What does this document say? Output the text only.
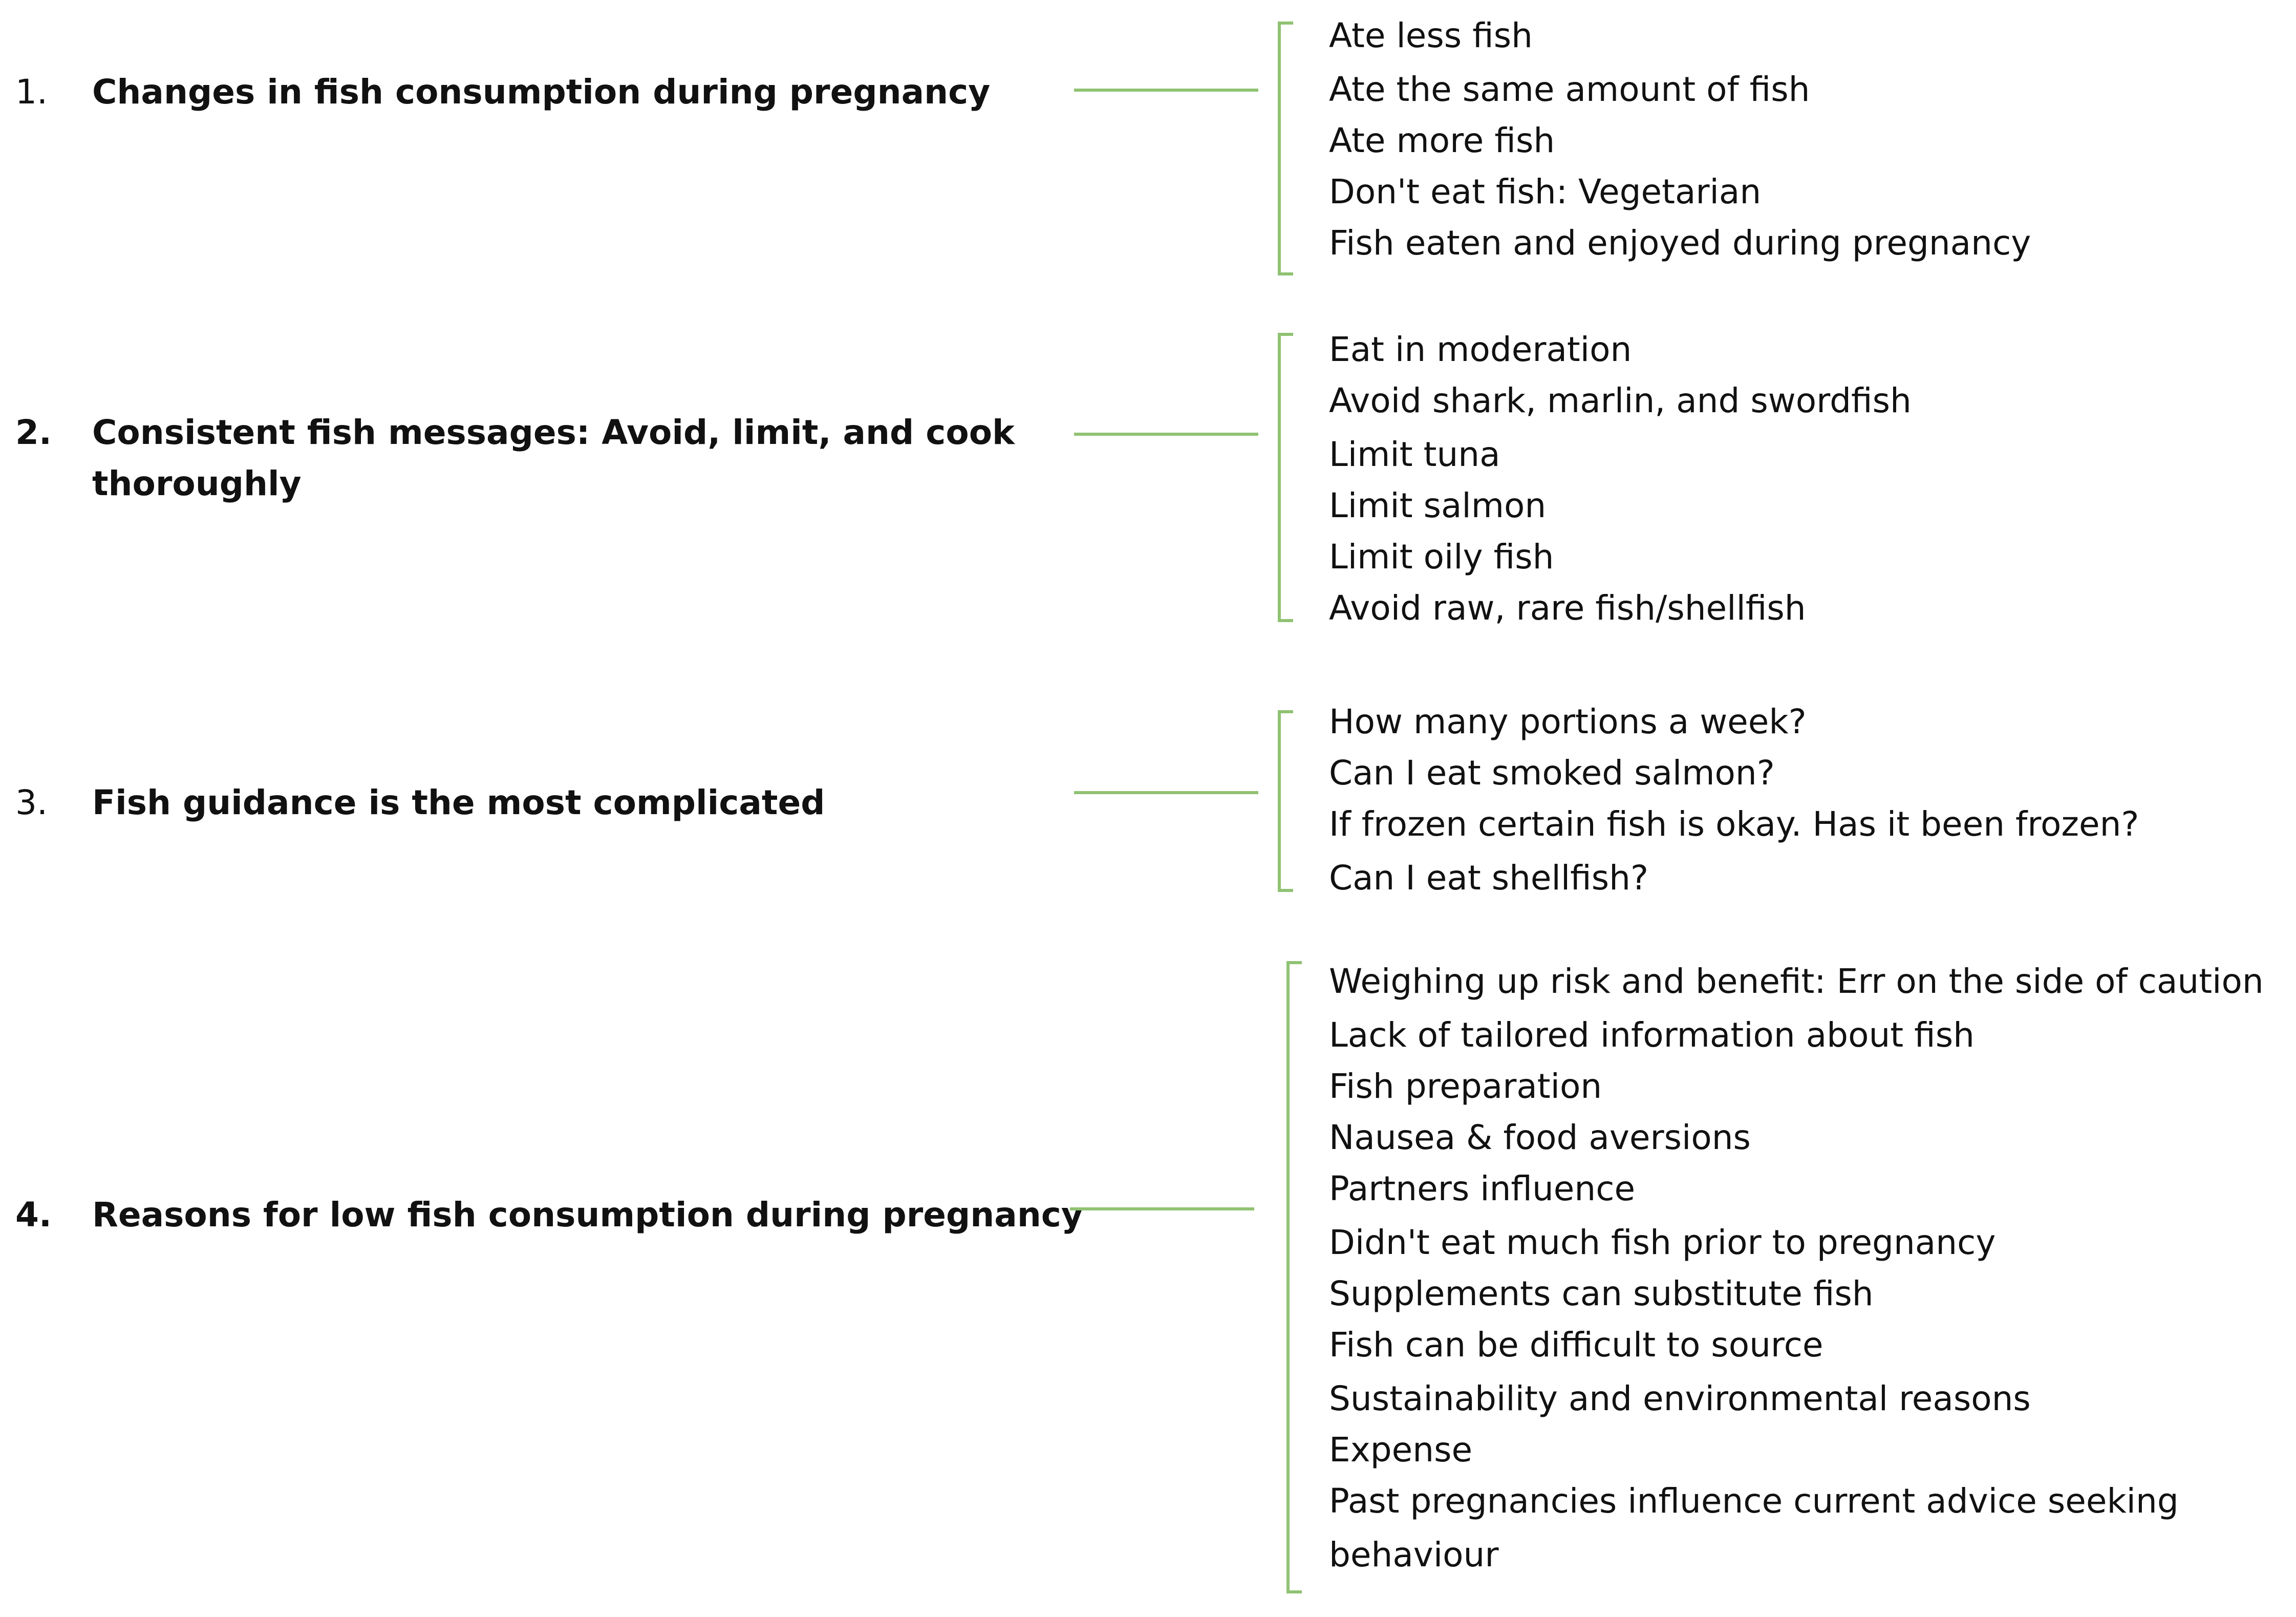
1. Changes in fish consumption during pregnancy
Ate less fish
Ate the same amount of fish
Ate more fish
Don't eat fish: Vegetarian
Fish eaten and enjoyed during pregnancy
2. Consistent fish messages: Avoid, limit, and cook
thoroughly
Eat in moderation
Avoid shark, marlin, and swordfish
Limit tuna
Limit salmon
Limit oily fish
Avoid raw, rare fish/shellfish
3. Fish guidance is the most complicated
How many portions a week?
Can I eat smoked salmon?
If frozen certain fish is okay. Has it been frozen?
Can I eat shellfish?
4. Reasons for low fish consumption during pregnancy
Weighing up risk and benefit: Err on the side of caution
Lack of tailored information about fish
Fish preparation
Nausea & food aversions
Partners influence
Didn't eat much fish prior to pregnancy
Supplements can substitute fish
Fish can be difficult to source
Sustainability and environmental reasons
Expense
Past pregnancies influence current advice seeking
behaviour
